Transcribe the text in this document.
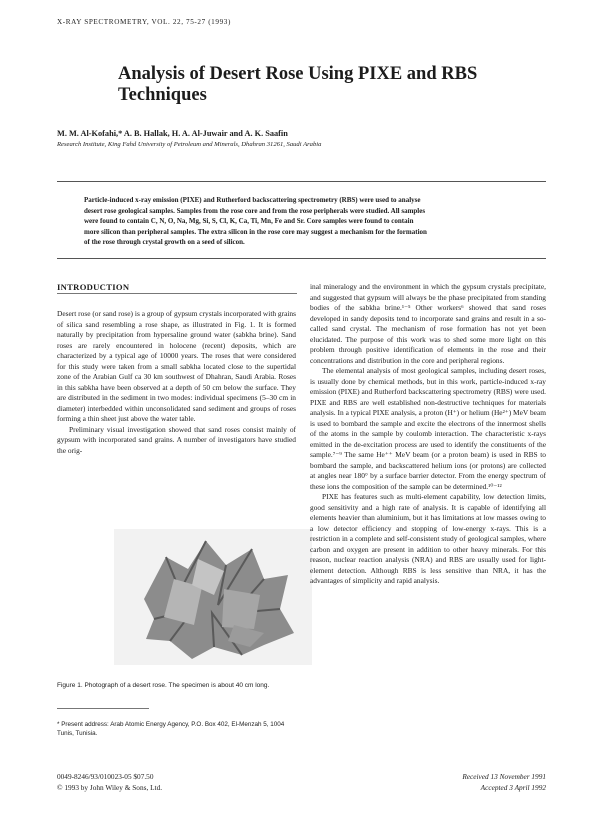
X-RAY SPECTROMETRY, VOL. 22, 75-27 (1993)
Analysis of Desert Rose Using PIXE and RBS
Techniques
M. M. Al-Kofahi,* A. B. Hallak, H. A. Al-Juwair and A. K. Saafin
Research Institute, King Fahd University of Petroleum and Minerals, Dhahran 31261, Saudi Arabia
Particle-induced x-ray emission (PIXE) and Rutherford backscattering spectrometry (RBS) were used to analyse
desert rose geological samples. Samples from the rose core and from the rose peripherals were studied. All samples
were found to contain C, N, O, Na, Mg, Si, S, Cl, K, Ca, Ti, Mn, Fe and Sr. Core samples were found to contain
more silicon than peripheral samples. The extra silicon in the rose core may suggest a mechanism for the formation
of the rose through crystal growth on a seed of silicon.
INTRODUCTION

Desert rose (or sand rose) is a group of gypsum crystals incorporated with grains of silica sand resembling a rose shape, as illustrated in Fig. 1. It is formed naturally by precipitation from hypersaline ground water (sabkha brine). Sand roses are rarely encountered in holocene (recent) deposits, which are characterized by a typical age of 10000 years. The roses that were considered for this study were taken from a small sabkha located close to the supertidal zone of the Arabian Gulf ca 30 km southwest of Dhahran, Saudi Arabia. Roses in this sabkha have been observed at a depth of 50 cm below the surface. They are distributed in the sediment in two modes: individual specimens (5–30 cm in diameter) interbedded within unconsolidated sand sediment and groups of roses forming a thin sheet just above the water table.

Preliminary visual investigation showed that sand roses consist mainly of gypsum with incorporated sand grains. A number of investigators have studied the orig-

Figure 1. Photograph of a desert rose. The specimen is about 40 cm long.
* Present address: Arab Atomic Energy Agency, P.O. Box 402, El-Menzah 5, 1004 Tunis, Tunisia.

inal mineralogy and the environment in which the gypsum crystals precipitate, and suggested that gypsum will always be the phase precipitated from standing bodies of the sabkha brine.¹⁻⁵ Other workers⁶ showed that sand roses developed in sandy deposits tend to incorporate sand grains and result in a so-called sand crystal. The mechanism of rose formation has not yet been elucidated. The purpose of this work was to shed some more light on this problem through positive identification of elements in the rose and their concentrations and distribution in the core and peripheral regions.

The elemental analysis of most geological samples, including desert roses, is usually done by chemical methods, but in this work, particle-induced x-ray emission (PIXE) and Rutherford backscattering spectrometry (RBS) were used. PIXE and RBS are well established non-destructive techniques for materials analysis. In a typical PIXE analysis, a proton (H⁺) or helium (He²⁺) MeV beam is used to bombard the sample and excite the electrons of the innermost shells of the atoms in the sample by coulomb interaction. The characteristic x-rays emitted in the de-excitation process are used to identify the constituents of the sample.⁷⁻⁹ The same He⁺⁺ MeV beam (or a proton beam) is used in RBS to bombard the sample, and backscattered helium ions (or protons) are collected at angles near 180° by a surface barrier detector. From the energy spectrum of these ions the composition of the sample can be determined.¹⁰⁻¹²

PIXE has features such as multi-element capability, low detection limits, good sensitivity and a high rate of analysis. It is capable of identifying all elements heavier than aluminium, but it has limitations at low masses owing to a low detector efficiency and stopping of low-energy x-rays. This is a restriction in a complete and self-consistent study of geological samples, where carbon and oxygen are present in addition to other heavy minerals. For this reason, nuclear reaction analysis (NRA) and RBS are usually used for light-element detection. Although RBS is less sensitive than NRA, it has the advantages of simplicity and rapid analysis.

0049-8246/93/010023-05 $07.50
© 1993 by John Wiley & Sons, Ltd.
Received 13 November 1991
Accepted 3 April 1992
